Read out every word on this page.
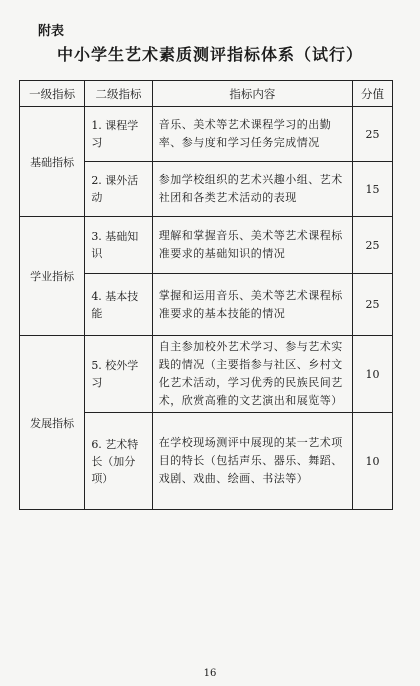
附表
中小学生艺术素质测评指标体系（试行）
一级指标	二级指标	指标内容	分值
基础指标	1. 课程学习	音乐、美术等艺术课程学习的出勤率、参与度和学习任务完成情况	25
	2. 课外活动	参加学校组织的艺术兴趣小组、艺术社团和各类艺术活动的表现	15
学业指标	3. 基础知识	理解和掌握音乐、美术等艺术课程标准要求的基础知识的情况	25
	4. 基本技能	掌握和运用音乐、美术等艺术课程标准要求的基本技能的情况	25
发展指标	5. 校外学习	自主参加校外艺术学习、参与艺术实践的情况（主要指参与社区、乡村文化艺术活动，学习优秀的民族民间艺术，欣赏高雅的文艺演出和展览等）	10
	6. 艺术特长（加分项）	在学校现场测评中展现的某一艺术项目的特长（包括声乐、器乐、舞蹈、戏剧、戏曲、绘画、书法等）	10
16
